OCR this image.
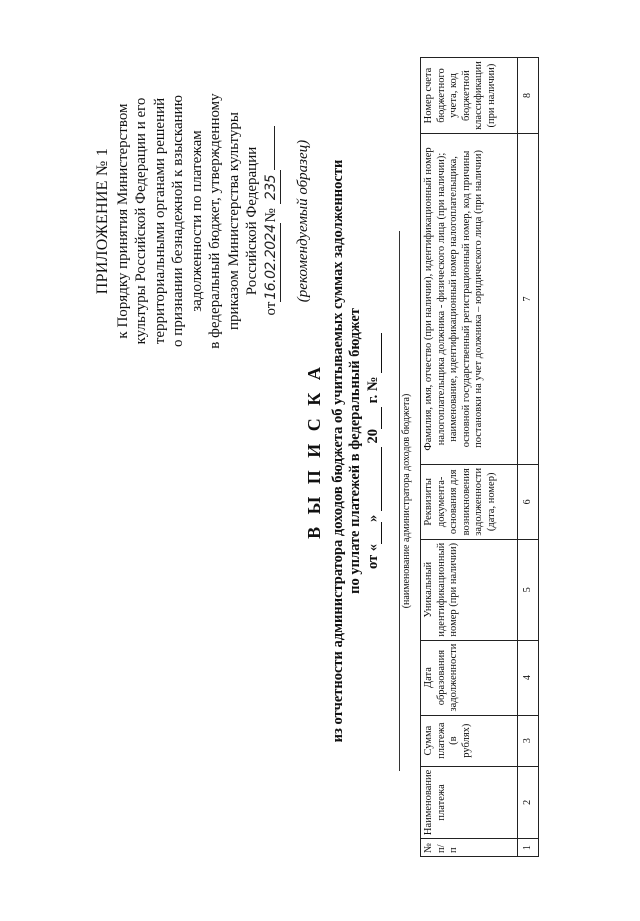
ПРИЛОЖЕНИЕ № 1 к Порядку принятия Министерством культуры Российской Федерации и его территориальными органами решений о признании безнадежной к взысканию задолженности по платежам в федеральный бюджет, утвержденному приказом Министерства культуры Российской Федерации
от16.02.2024№ 235 (рекомендуемый образец)
В Ы П И С К А из отчетности администратора доходов бюджета об учитываемых суммах задолженности по уплате платежей в федеральный бюджет от «»  20 г. №
(наименование администратора доходов бюджета)
№ п/п	Наименование платежа	Сумма платежа (в рублях)	Дата образования задолженности	Уникальный идентификационный номер (при наличии)	Реквизиты документа-основания для возникновения задолженности (дата, номер)	Фамилия, имя, отчество (при наличии), идентификационный номер налогоплательщика должника - физического лица (при наличии); наименование, идентификационный номер налогоплательщика, основной государственный регистрационный номер, код причины постановки на учет должника – юридического лица (при наличии)	Номер счета бюджетного учета, код бюджетной классификации (при наличии)
1	2	3	4	5	6	7	8
